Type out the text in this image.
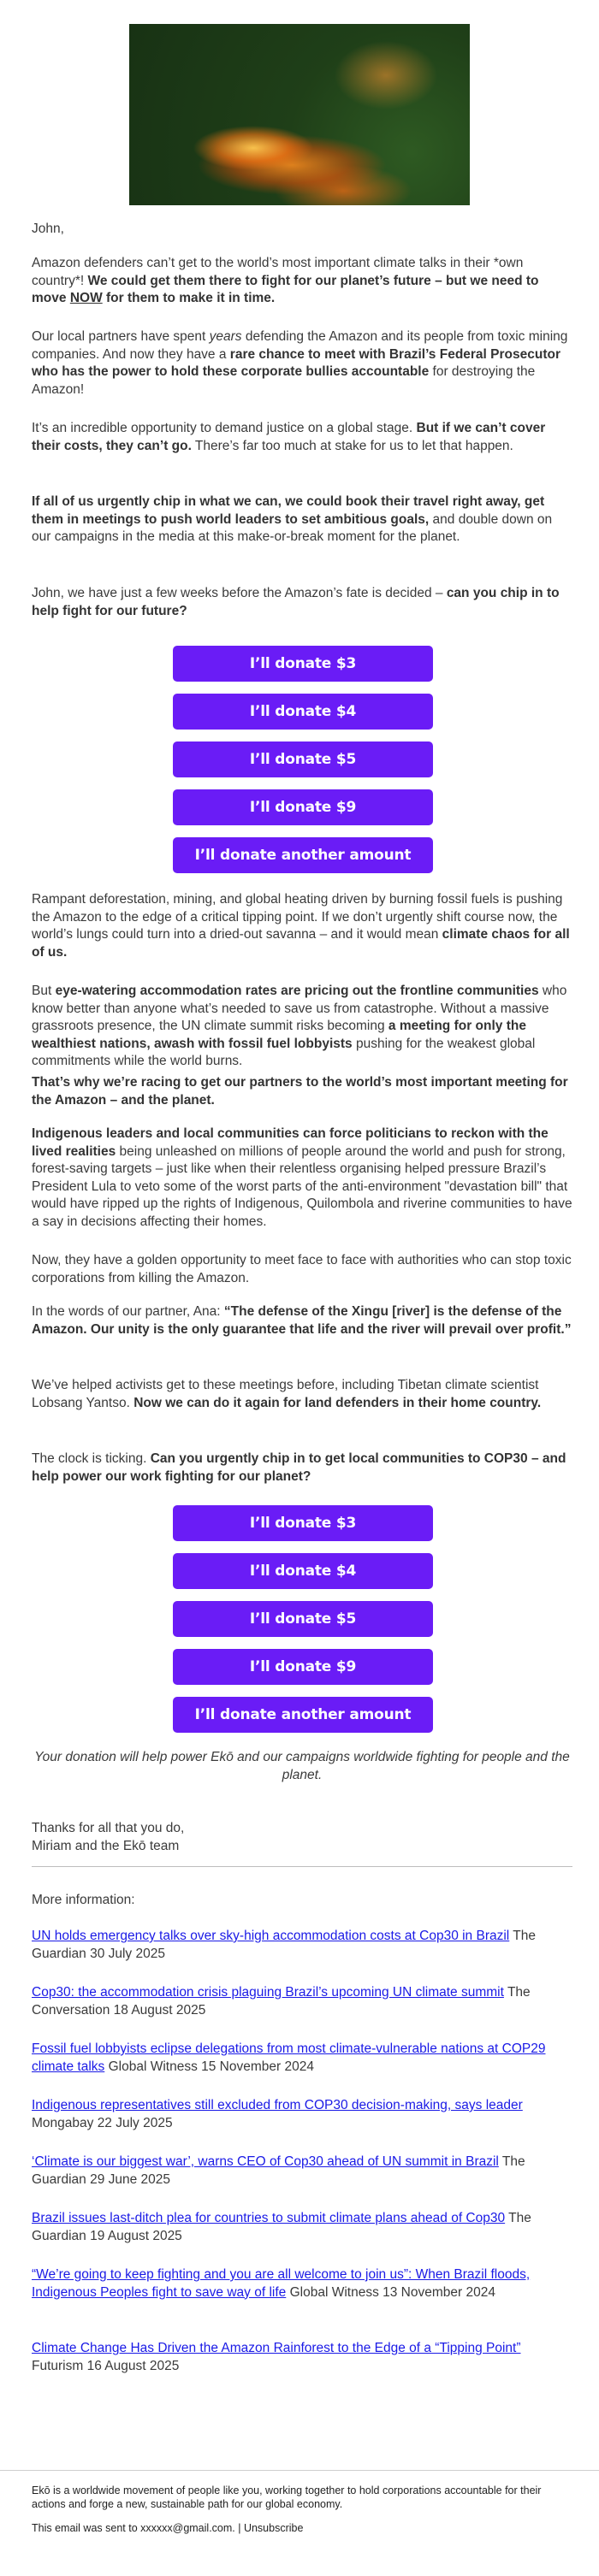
John,

Amazon defenders can’t get to the world’s most important climate talks in their *own country*! We could get them there to fight for our planet’s future – but we need to move NOW for them to make it in time.

Our local partners have spent years defending the Amazon and its people from toxic mining companies. And now they have a rare chance to meet with Brazil’s Federal Prosecutor who has the power to hold these corporate bullies accountable for destroying the Amazon!

It’s an incredible opportunity to demand justice on a global stage. But if we can’t cover their costs, they can’t go. There’s far too much at stake for us to let that happen.

If all of us urgently chip in what we can, we could book their travel right away, get them in meetings to push world leaders to set ambitious goals, and double down on our campaigns in the media at this make-or-break moment for the planet.

John, we have just a few weeks before the Amazon’s fate is decided – can you chip in to help fight for our future?

I’ll donate $3
I’ll donate $4
I’ll donate $5
I’ll donate $9
I’ll donate another amount

Rampant deforestation, mining, and global heating driven by burning fossil fuels is pushing the Amazon to the edge of a critical tipping point. If we don’t urgently shift course now, the world’s lungs could turn into a dried-out savanna – and it would mean climate chaos for all of us.

But eye-watering accommodation rates are pricing out the frontline communities who know better than anyone what’s needed to save us from catastrophe. Without a massive grassroots presence, the UN climate summit risks becoming a meeting for only the wealthiest nations, awash with fossil fuel lobbyists pushing for the weakest global commitments while the world burns.

That’s why we’re racing to get our partners to the world’s most important meeting for the Amazon – and the planet.

Indigenous leaders and local communities can force politicians to reckon with the lived realities being unleashed on millions of people around the world and push for strong, forest-saving targets – just like when their relentless organising helped pressure Brazil’s President Lula to veto some of the worst parts of the anti-environment "devastation bill" that would have ripped up the rights of Indigenous, Quilombola and riverine communities to have a say in decisions affecting their homes.

Now, they have a golden opportunity to meet face to face with authorities who can stop toxic corporations from killing the Amazon.

In the words of our partner, Ana: “The defense of the Xingu [river] is the defense of the Amazon. Our unity is the only guarantee that life and the river will prevail over profit.”

We’ve helped activists get to these meetings before, including Tibetan climate scientist Lobsang Yantso. Now we can do it again for land defenders in their home country.

The clock is ticking. Can you urgently chip in to get local communities to COP30 – and help power our work fighting for our planet?

I’ll donate $3
I’ll donate $4
I’ll donate $5
I’ll donate $9
I’ll donate another amount

Your donation will help power Ekō and our campaigns worldwide fighting for people and the planet.

Thanks for all that you do,
Miriam and the Ekō team

More information:

UN holds emergency talks over sky-high accommodation costs at Cop30 in Brazil The Guardian 30 July 2025

Cop30: the accommodation crisis plaguing Brazil’s upcoming UN climate summit The Conversation 18 August 2025

Fossil fuel lobbyists eclipse delegations from most climate-vulnerable nations at COP29 climate talks Global Witness 15 November 2024

Indigenous representatives still excluded from COP30 decision-making, says leader Mongabay 22 July 2025

‘Climate is our biggest war’, warns CEO of Cop30 ahead of UN summit in Brazil The Guardian 29 June 2025

Brazil issues last-ditch plea for countries to submit climate plans ahead of Cop30 The Guardian 19 August 2025

“We’re going to keep fighting and you are all welcome to join us”: When Brazil floods, Indigenous Peoples fight to save way of life Global Witness 13 November 2024

Climate Change Has Driven the Amazon Rainforest to the Edge of a “Tipping Point” Futurism 16 August 2025

Ekō is a worldwide movement of people like you, working together to hold corporations accountable for their actions and forge a new, sustainable path for our global economy.

This email was sent to xxxxxx@gmail.com. | Unsubscribe
